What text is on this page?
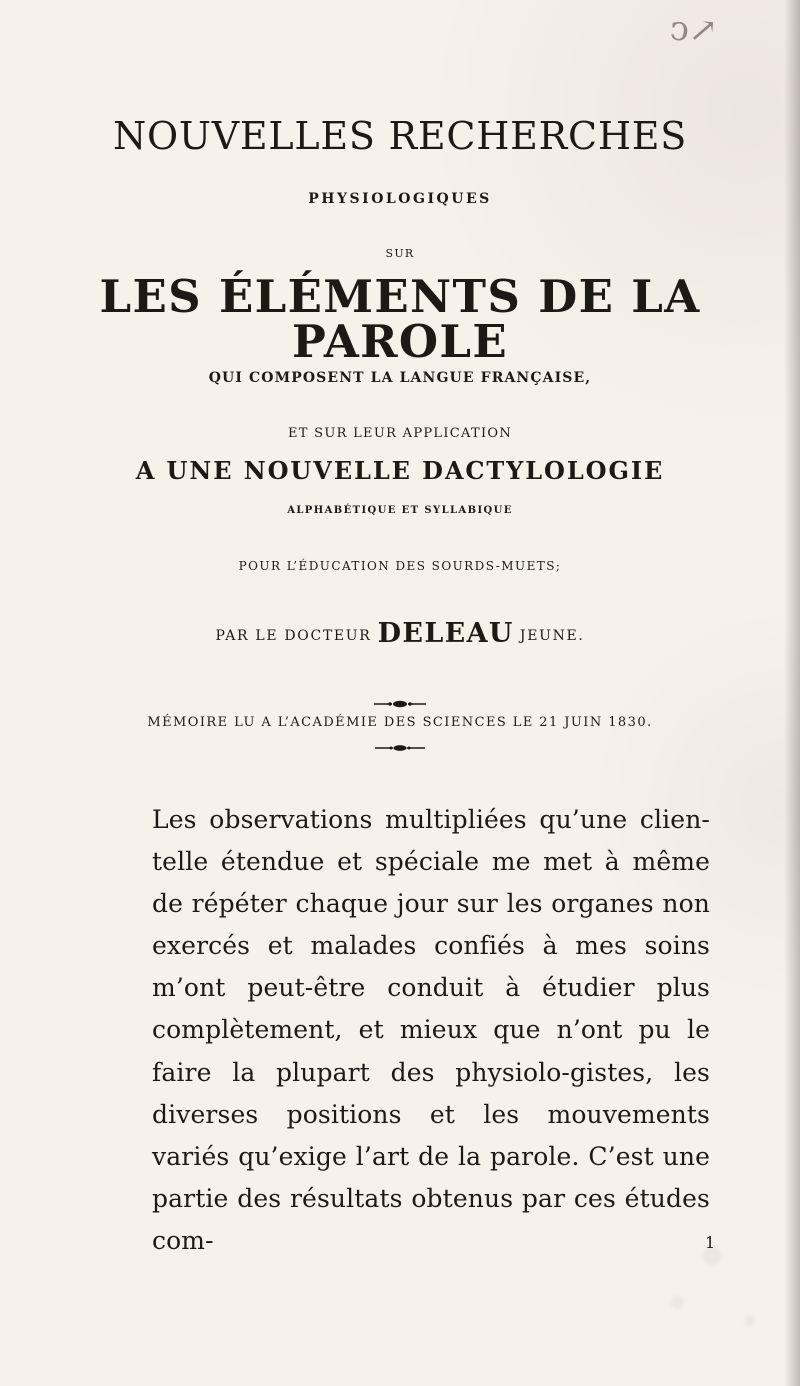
ↄ↗
NOUVELLES RECHERCHES
PHYSIOLOGIQUES
SUR
LES ÉLÉMENTS DE LA PAROLE
QUI COMPOSENT LA LANGUE FRANÇAISE,
ET SUR LEUR APPLICATION
A UNE NOUVELLE DACTYLOLOGIE
ALPHABÉTIQUE ET SYLLABIQUE
POUR L’ÉDUCATION DES SOURDS-MUETS;
PAR LE DOCTEUR DELEAU JEUNE.
MÉMOIRE LU A L’ACADÉMIE DES SCIENCES LE 21 JUIN 1830.

Les observations multipliées qu’une clien-telle étendue et spéciale me met à même de répéter chaque jour sur les organes non exercés et malades confiés à mes soins m’ont peut-être conduit à étudier plus complètement, et mieux que n’ont pu le faire la plupart des physiolo-gistes, les diverses positions et les mouvements variés qu’exige l’art de la parole. C’est une partie des résultats obtenus par ces études com-	1
